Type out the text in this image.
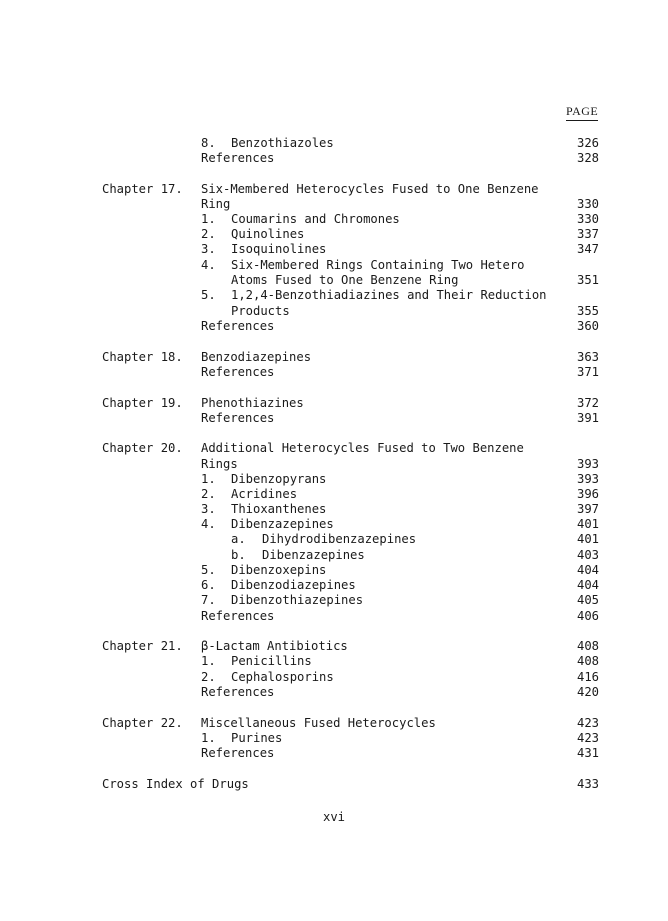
PAGE
8. Benzothiazoles	326
References	328
Chapter 17. Six-Membered Heterocycles Fused to One Benzene
Ring	330
1. Coumarins and Chromones	330
2. Quinolines	337
3. Isoquinolines	347
4. Six-Membered Rings Containing Two Hetero
Atoms Fused to One Benzene Ring	351
5. 1,2,4-Benzothiadiazines and Their Reduction
Products	355
References	360
Chapter 18. Benzodiazepines	363
References	371
Chapter 19. Phenothiazines	372
References	391
Chapter 20. Additional Heterocycles Fused to Two Benzene
Rings	393
1. Dibenzopyrans	393
2. Acridines	396
3. Thioxanthenes	397
4. Dibenzazepines	401
a. Dihydrodibenzazepines	401
b. Dibenzazepines	403
5. Dibenzoxepins	404
6. Dibenzodiazepines	404
7. Dibenzothiazepines	405
References	406
Chapter 21. β-Lactam Antibiotics	408
1. Penicillins	408
2. Cephalosporins	416
References	420
Chapter 22. Miscellaneous Fused Heterocycles	423
1. Purines	423
References	431
Cross Index of Drugs	433
xvi
